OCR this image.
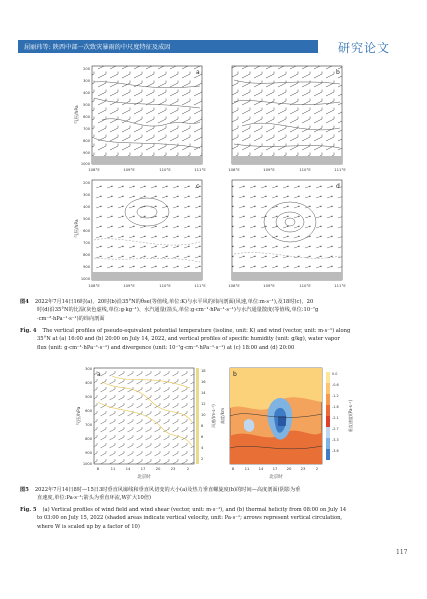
屈丽玮等: 陕西中部一次致灾暴雨的中尺度特征及成因	研究论文
a	b
c	d
气压/hPa
气压/hPa
200
300
400
500
600
700
800
900
1000
200
300
400
500
600
700
800
900
1000
108°E	109°E	110°E	111°E	108°E	109°E	110°E	111°E
108°E	109°E	110°E	111°E	108°E	109°E	110°E	111°E
图4 2022年7月14日16时(a)、20时(b)沿35°N的θse(等值线,单位:K)与水平风的纬向剖面(风速,单位:m·s⁻¹),及18时(c)、20
时(d)沿35°N的比湿(灰色虚线,单位:g·kg⁻¹)、水汽通量(箭头,单位:g·cm⁻¹·hPa⁻¹·s⁻¹)与水汽通量散度(等值线,单位:10⁻⁷g
·cm⁻²·hPa⁻¹·s⁻¹)的纬向剖面
Fig. 4 The vertical profiles of pseudo-equivalent potential temperature (isoline, unit: K) and wind (vector, unit: m·s⁻¹) along
35°N at (a) 16:00 and (b) 20:00 on July 14, 2022, and vertical profiles of specific humidity (unit: g/kg), water vapor
flux (unit: g·cm⁻¹·hPa⁻¹·s⁻¹) and divergence (unit: 10⁻⁷g·cm⁻²·hPa⁻¹·s⁻¹) at (c) 18:00 and (d) 20:00
a	18
16
14
12
10
8
6
4
2
风速/(m·s⁻¹)
气压/hPa
300
400
500
600
700
800
900
1000
8	11	14	17	20	23	2
北京时
b
高度/km
8	11 14 17 20 23	2
北京时
0.0
-0.6
-1.2
-1.8
-2.1
-2.7
-3.3
-3.6
垂直速度/(Pa·s⁻¹)
图5 2022年7月14日8时—15日3时垂直风廓线和垂直风切变的大小(a)及热力垂直螺旋度(b)的时间—高度剖面(阴影为垂
直速度,单位:Pa·s⁻¹;箭头为垂直环流,W扩大10倍)
Fig. 5 (a) Vertical profiles of wind field and wind shear (vector, unit: m·s⁻¹), and (b) thermal helicity from 08:00 on July 14
to 03:00 on July 15, 2022 (shaded areas indicate vertical velocity, unit: Pa·s⁻¹; arrows represent vertical circulation,
where W is scaled up by a factor of 10)
117
